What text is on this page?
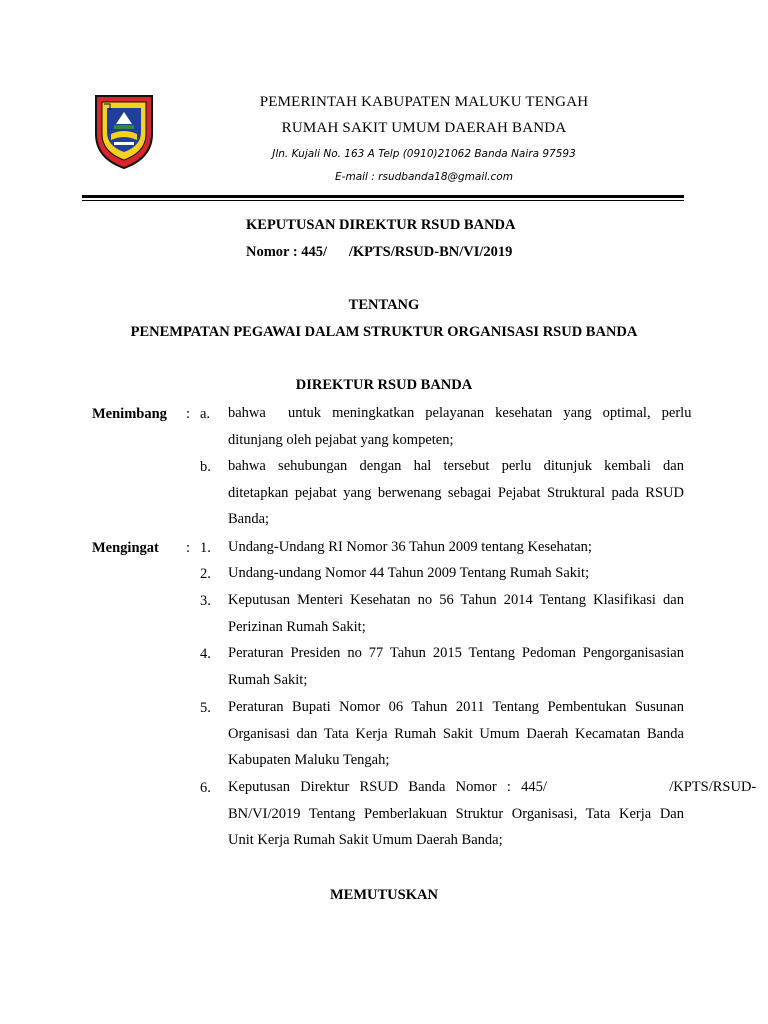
PEMERINTAH KABUPATEN MALUKU TENGAH
RUMAH SAKIT UMUM DAERAH BANDA
Jln. Kujali No. 163 A Telp (0910)21062 Banda Naira 97593
E-mail : rsudbanda18@gmail.com
KEPUTUSAN DIREKTUR RSUD BANDA
Nomor : 445/      /KPTS/RSUD-BN/VI/2019
TENTANG
PENEMPATAN PEGAWAI DALAM STRUKTUR ORGANISASI RSUD BANDA
DIREKTUR RSUD BANDA
Menimbang : a. bahwa  untuk meningkatkan pelayanan kesehatan yang optimal, perlu
ditunjang oleh pejabat yang kompeten;
b. bahwa sehubungan dengan hal tersebut perlu ditunjuk kembali dan
ditetapkan pejabat yang berwenang sebagai Pejabat Struktural pada RSUD
Banda;
Mengingat : 1. Undang-Undang RI Nomor 36 Tahun 2009 tentang Kesehatan;
2. Undang-undang Nomor 44 Tahun 2009 Tentang Rumah Sakit;
3. Keputusan Menteri Kesehatan no 56 Tahun 2014 Tentang Klasifikasi dan
Perizinan Rumah Sakit;
4. Peraturan Presiden no 77 Tahun 2015 Tentang Pedoman Pengorganisasian
Rumah Sakit;
5. Peraturan Bupati Nomor 06 Tahun 2011 Tentang Pembentukan Susunan
Organisasi dan Tata Kerja Rumah Sakit Umum Daerah Kecamatan Banda
Kabupaten Maluku Tengah;
6. Keputusan Direktur RSUD Banda Nomor : 445/            /KPTS/RSUD-
BN/VI/2019 Tentang Pemberlakuan Struktur Organisasi, Tata Kerja Dan
Unit Kerja Rumah Sakit Umum Daerah Banda;
MEMUTUSKAN
